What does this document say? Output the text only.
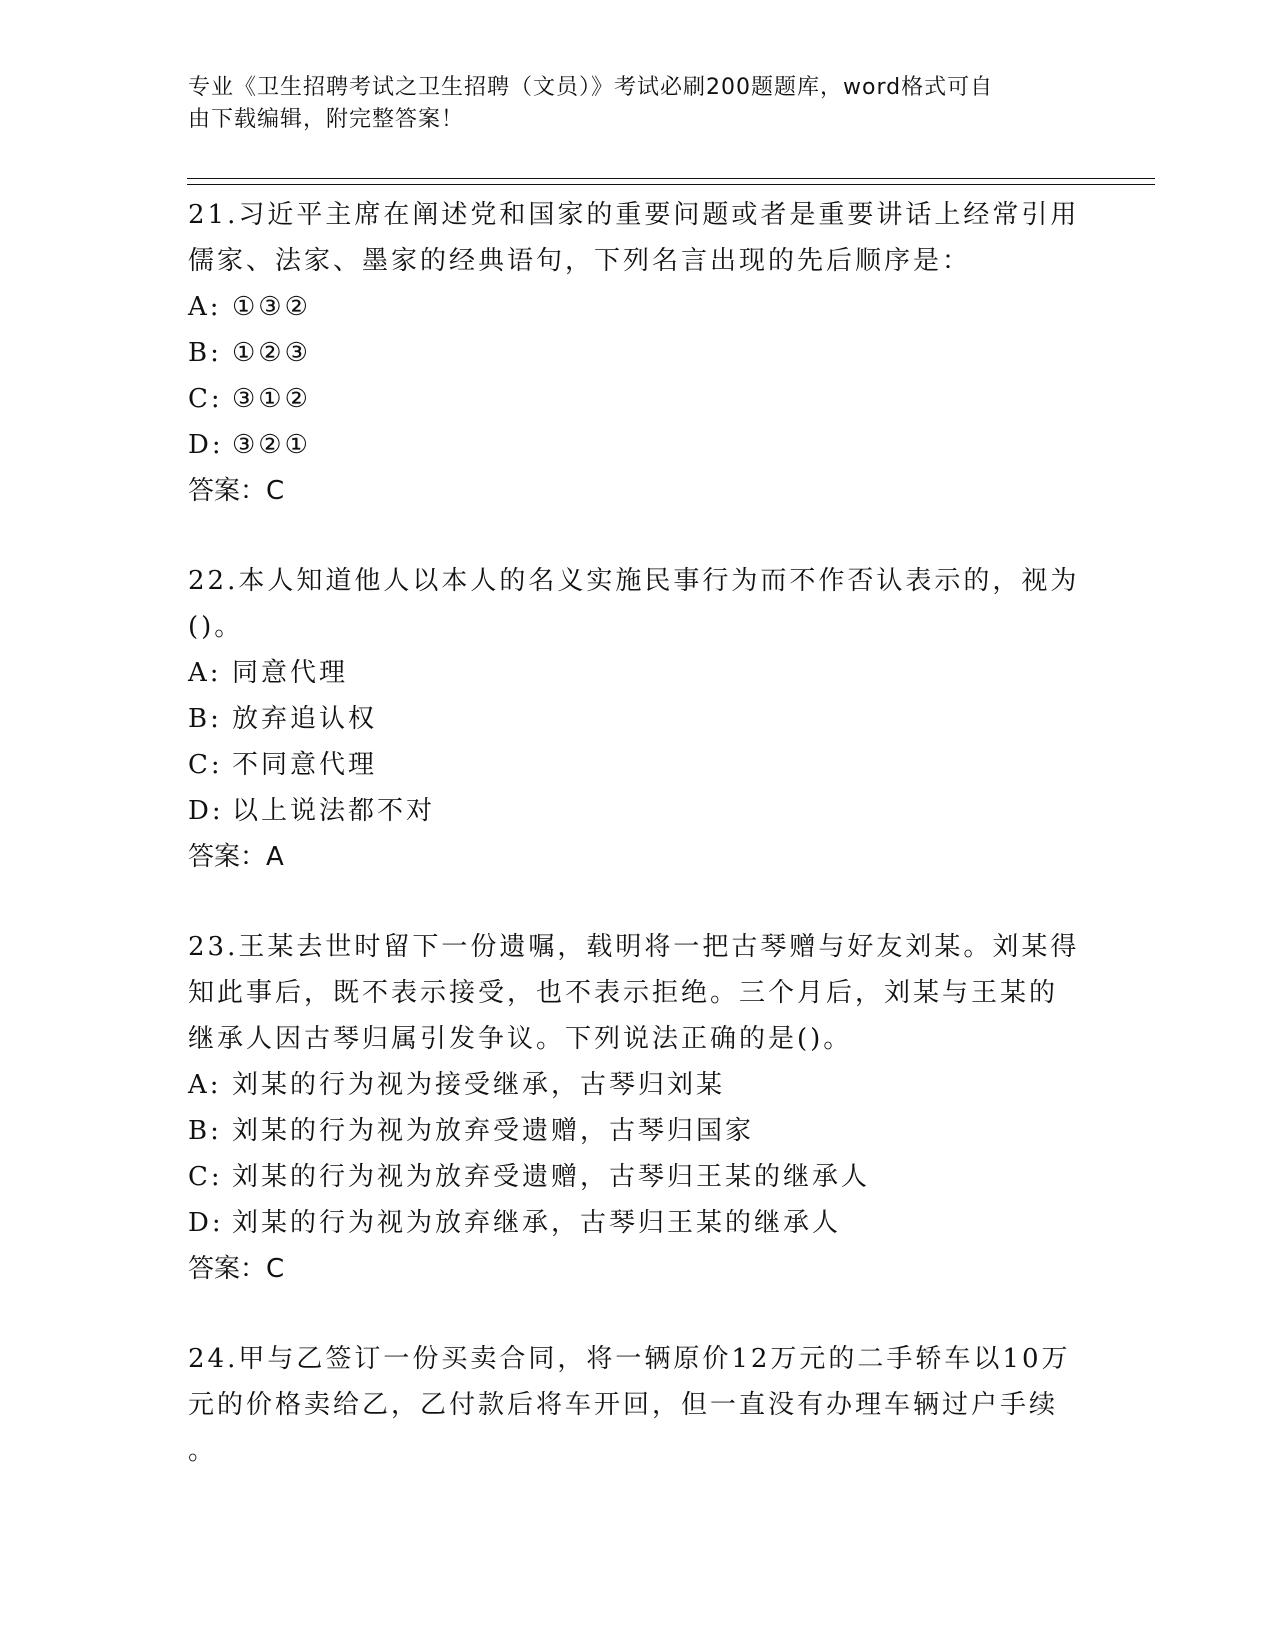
专业《卫生招聘考试之卫生招聘（文员）》考试必刷200题题库，word格式可自
由下载编辑，附完整答案！
21.习近平主席在阐述党和国家的重要问题或者是重要讲话上经常引用
儒家、法家、墨家的经典语句，下列名言出现的先后顺序是：
A: ①③②
B: ①②③
C: ③①②
D: ③②①
答案：C
22.本人知道他人以本人的名义实施民事行为而不作否认表示的，视为
()。
A: 同意代理
B: 放弃追认权
C: 不同意代理
D: 以上说法都不对
答案：A
23.王某去世时留下一份遗嘱，载明将一把古琴赠与好友刘某。刘某得
知此事后，既不表示接受，也不表示拒绝。三个月后，刘某与王某的
继承人因古琴归属引发争议。下列说法正确的是()。
A: 刘某的行为视为接受继承，古琴归刘某
B: 刘某的行为视为放弃受遗赠，古琴归国家
C: 刘某的行为视为放弃受遗赠，古琴归王某的继承人
D: 刘某的行为视为放弃继承，古琴归王某的继承人
答案：C
24.甲与乙签订一份买卖合同，将一辆原价12万元的二手轿车以10万
元的价格卖给乙，乙付款后将车开回，但一直没有办理车辆过户手续
。
